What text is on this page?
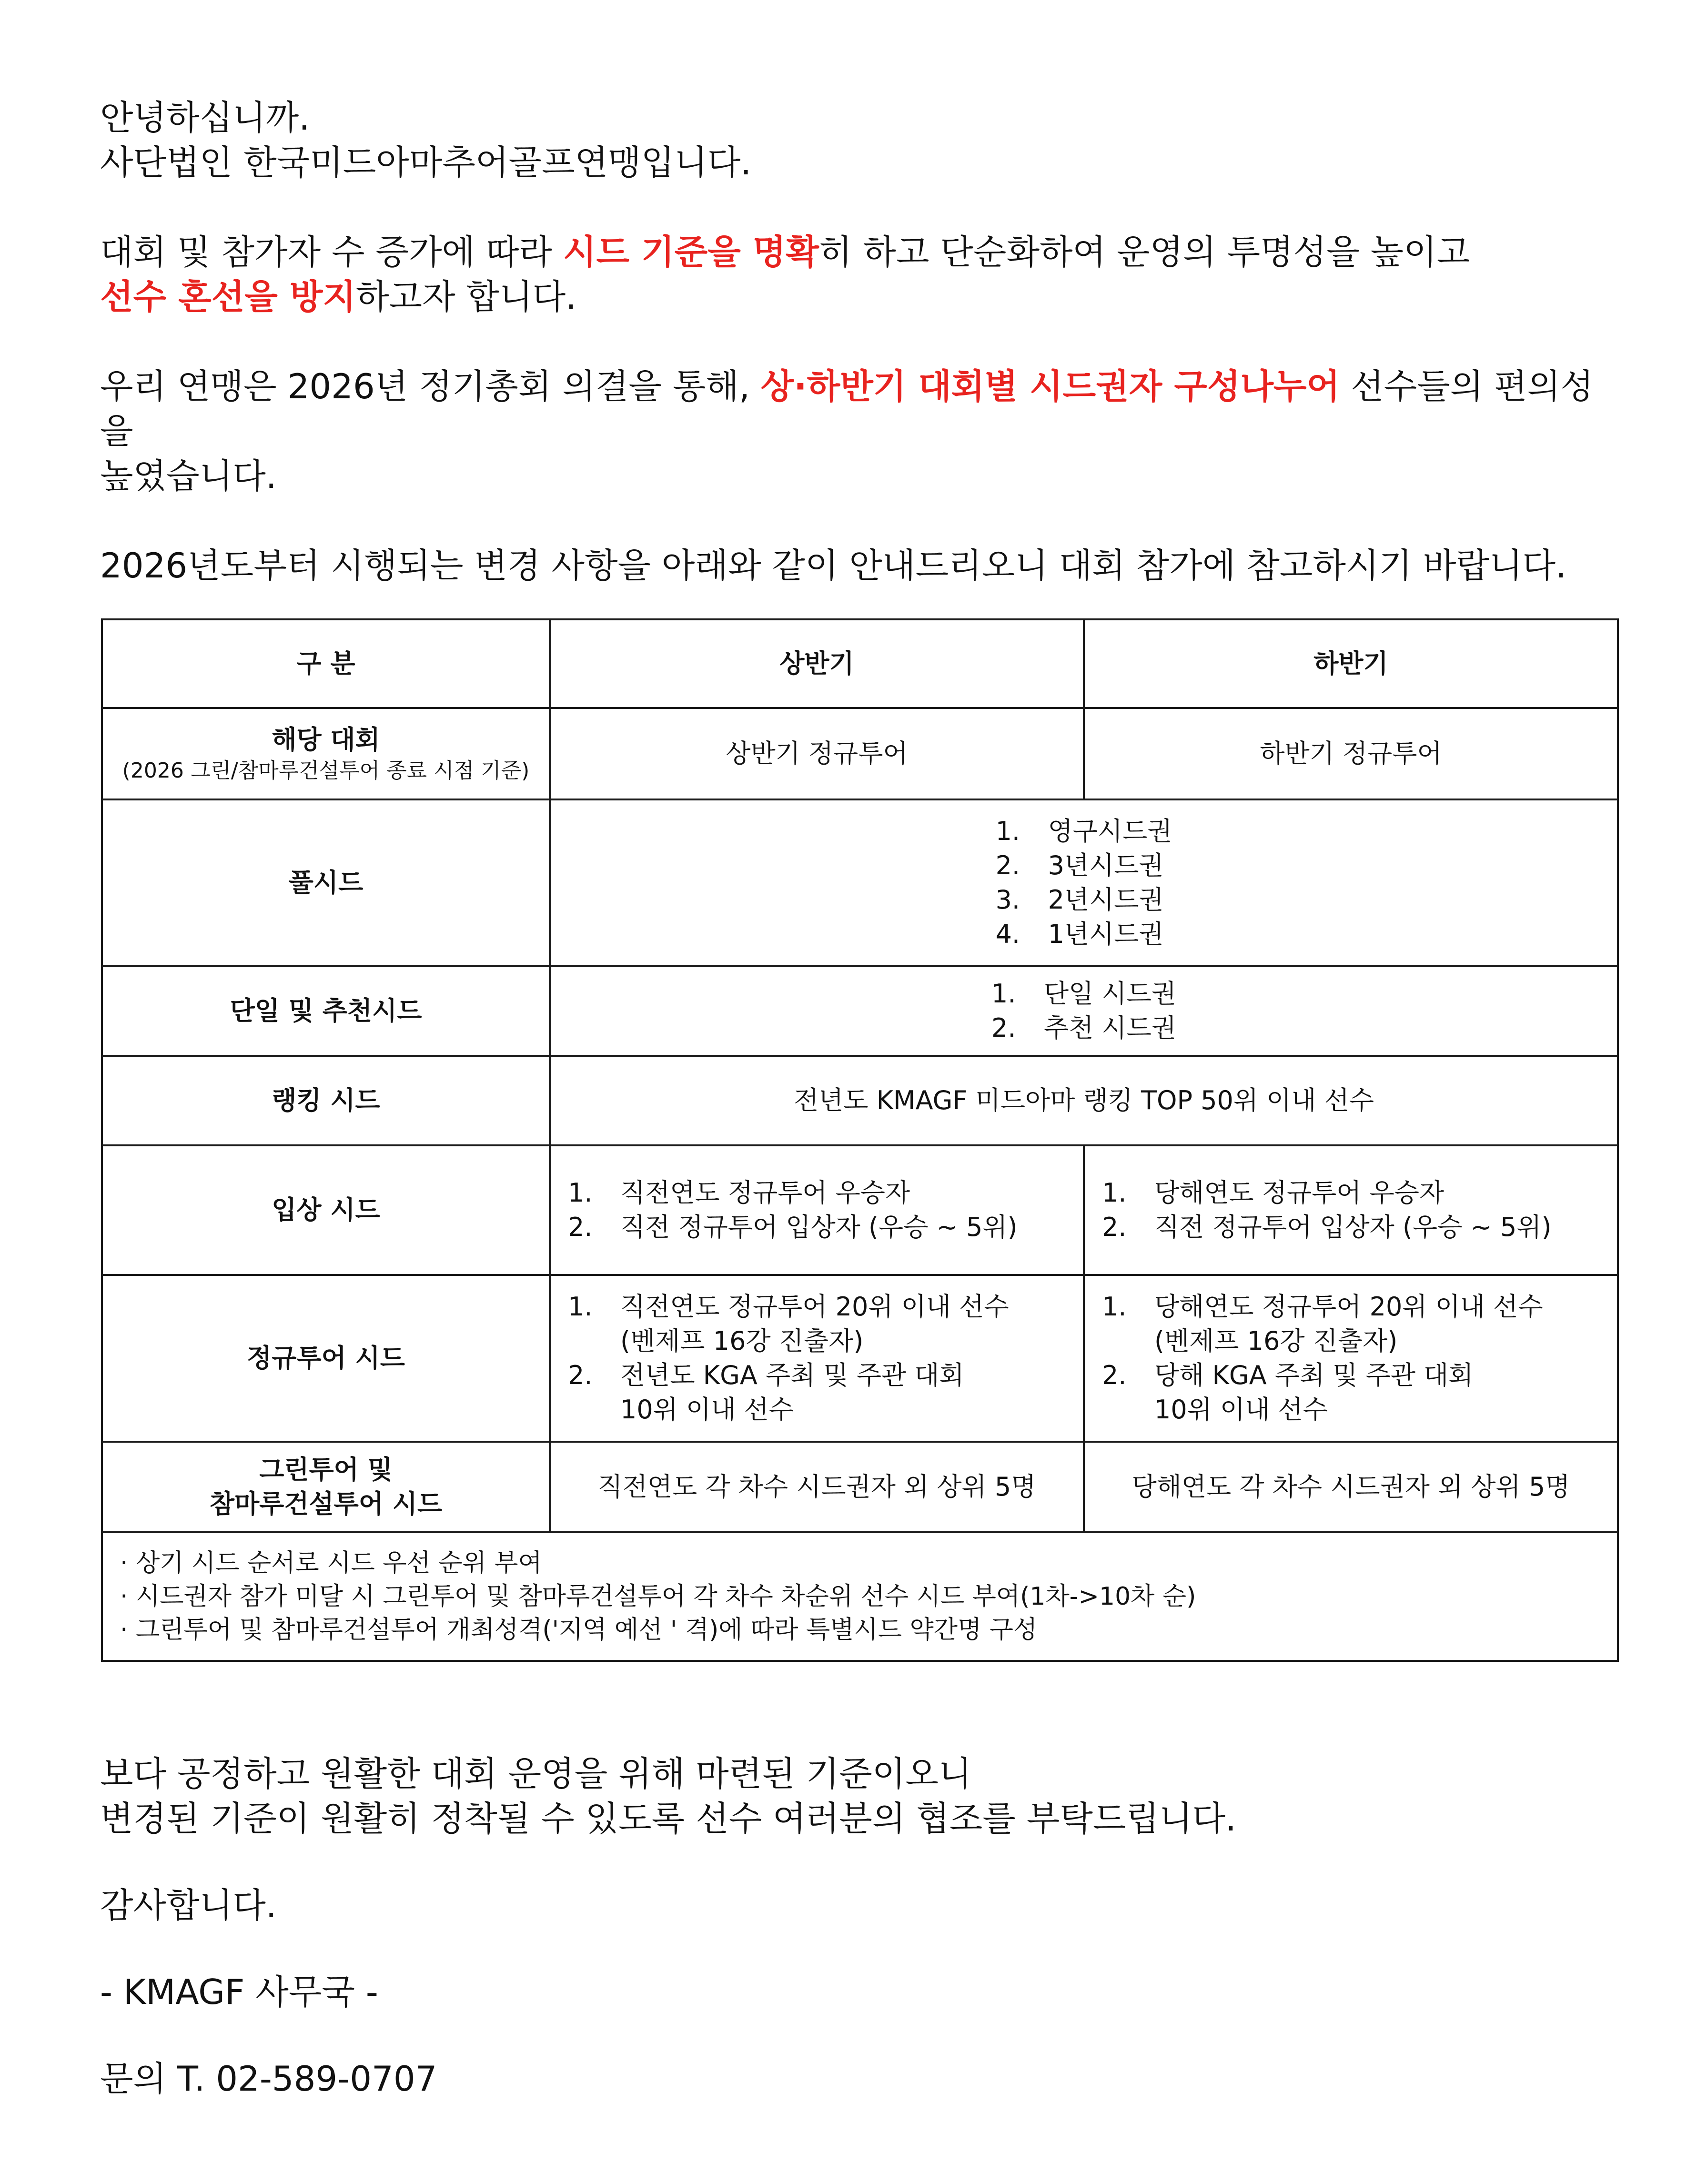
안녕하십니까.

사단법인 한국미드아마추어골프연맹입니다.

대회 및 참가자 수 증가에 따라 시드 기준을 명확히 하고 단순화하여 운영의 투명성을 높이고

선수 혼선을 방지하고자 합니다.

우리 연맹은 2026년 정기총회 의결을 통해, 상·하반기 대회별 시드권자 구성나누어 선수들의 편의성을

높였습니다.

2026년도부터 시행되는 변경 사항을 아래와 같이 안내드리오니 대회 참가에 참고하시기 바랍니다.

구 분	상반기	하반기
해당 대회
(2026 그린/참마루건설투어 종료 시점 기준)	상반기 정규투어	하반기 정규투어
풀시드	1. 영구시드권
2. 3년시드권
3. 2년시드권
4. 1년시드권	

단일 및 추천시드	1. 단일 시드권
2. 추천 시드권	

랭킹 시드	전년도 KMAGF 미드아마 랭킹 TOP 50위 이내 선수	
입상 시드	1. 직전연도 정규투어 우승자
2. 직전 정규투어 입상자 (우승 ~ 5위)	1. 당해연도 정규투어 우승자
2. 직전 정규투어 입상자 (우승 ~ 5위)

정규투어 시드	1. 직전연도 정규투어 20위 이내 선수
(벤제프 16강 진출자)
2. 전년도 KGA 주최 및 주관 대회
10위 이내 선수	1. 당해연도 정규투어 20위 이내 선수
(벤제프 16강 진출자)
2. 당해 KGA 주최 및 주관 대회
10위 이내 선수

그린투어 및
참마루건설투어 시드	직전연도 각 차수 시드권자 외 상위 5명	당해연도 각 차수 시드권자 외 상위 5명

· 상기 시드 순서로 시드 우선 순위 부여
· 시드권자 참가 미달 시 그린투어 및 참마루건설투어 각 차수 차순위 선수 시드 부여(1차->10차 순)
· 그린투어 및 참마루건설투어 개최성격('지역 예선 ' 격)에 따라 특별시드 약간명 구성		

보다 공정하고 원활한 대회 운영을 위해 마련된 기준이오니

변경된 기준이 원활히 정착될 수 있도록 선수 여러분의 협조를 부탁드립니다.

감사합니다.

- KMAGF 사무국 -

문의 T. 02-589-0707
